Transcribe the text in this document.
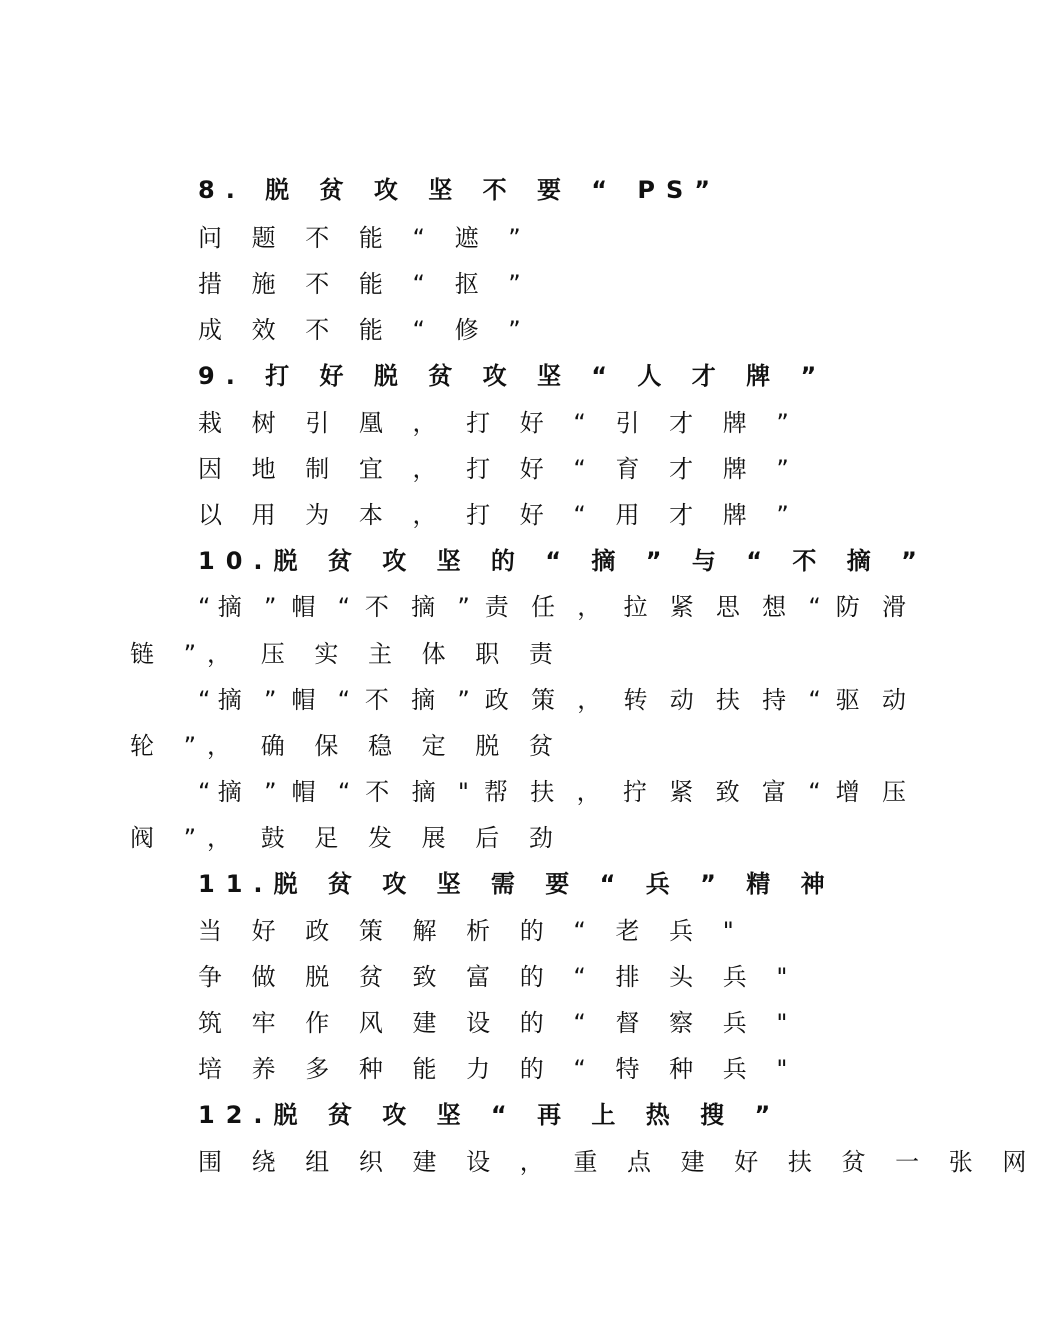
8. 脱 贫 攻 坚 不 要 “ PS”
问 题 不 能 “ 遮 ”
措 施 不 能 “ 抠 ”
成 效 不 能 “ 修 ”
9. 打 好 脱 贫 攻 坚 “ 人 才 牌 ”
栽 树 引 凰 ， 打 好 “ 引 才 牌 ”
因 地 制 宜 ， 打 好 “ 育 才 牌 ”
以 用 为 本 ， 打 好 “ 用 才 牌 ”
10.脱 贫 攻 坚 的 “ 摘 ” 与 “ 不 摘 ”
“摘 ” 帽 “ 不 摘 ” 责 任 ， 拉 紧 思 想 “ 防 滑
链 ”， 压 实 主 体 职 责
“摘 ” 帽 “ 不 摘 ” 政 策 ， 转 动 扶 持 “ 驱 动
轮 ”， 确 保 稳 定 脱 贫
“摘 ” 帽 “ 不 摘 " 帮 扶 ， 拧 紧 致 富 “ 增 压
阀 ”， 鼓 足 发 展 后 劲
11.脱 贫 攻 坚 需 要 “ 兵 ” 精 神
当 好 政 策 解 析 的 “ 老 兵 "
争 做 脱 贫 致 富 的 “ 排 头 兵 "
筑 牢 作 风 建 设 的 “ 督 察 兵 "
培 养 多 种 能 力 的 “ 特 种 兵 "
12.脱 贫 攻 坚 “ 再 上 热 搜 ”
围 绕 组 织 建 设 ， 重 点 建 好 扶 贫 一 张 网
